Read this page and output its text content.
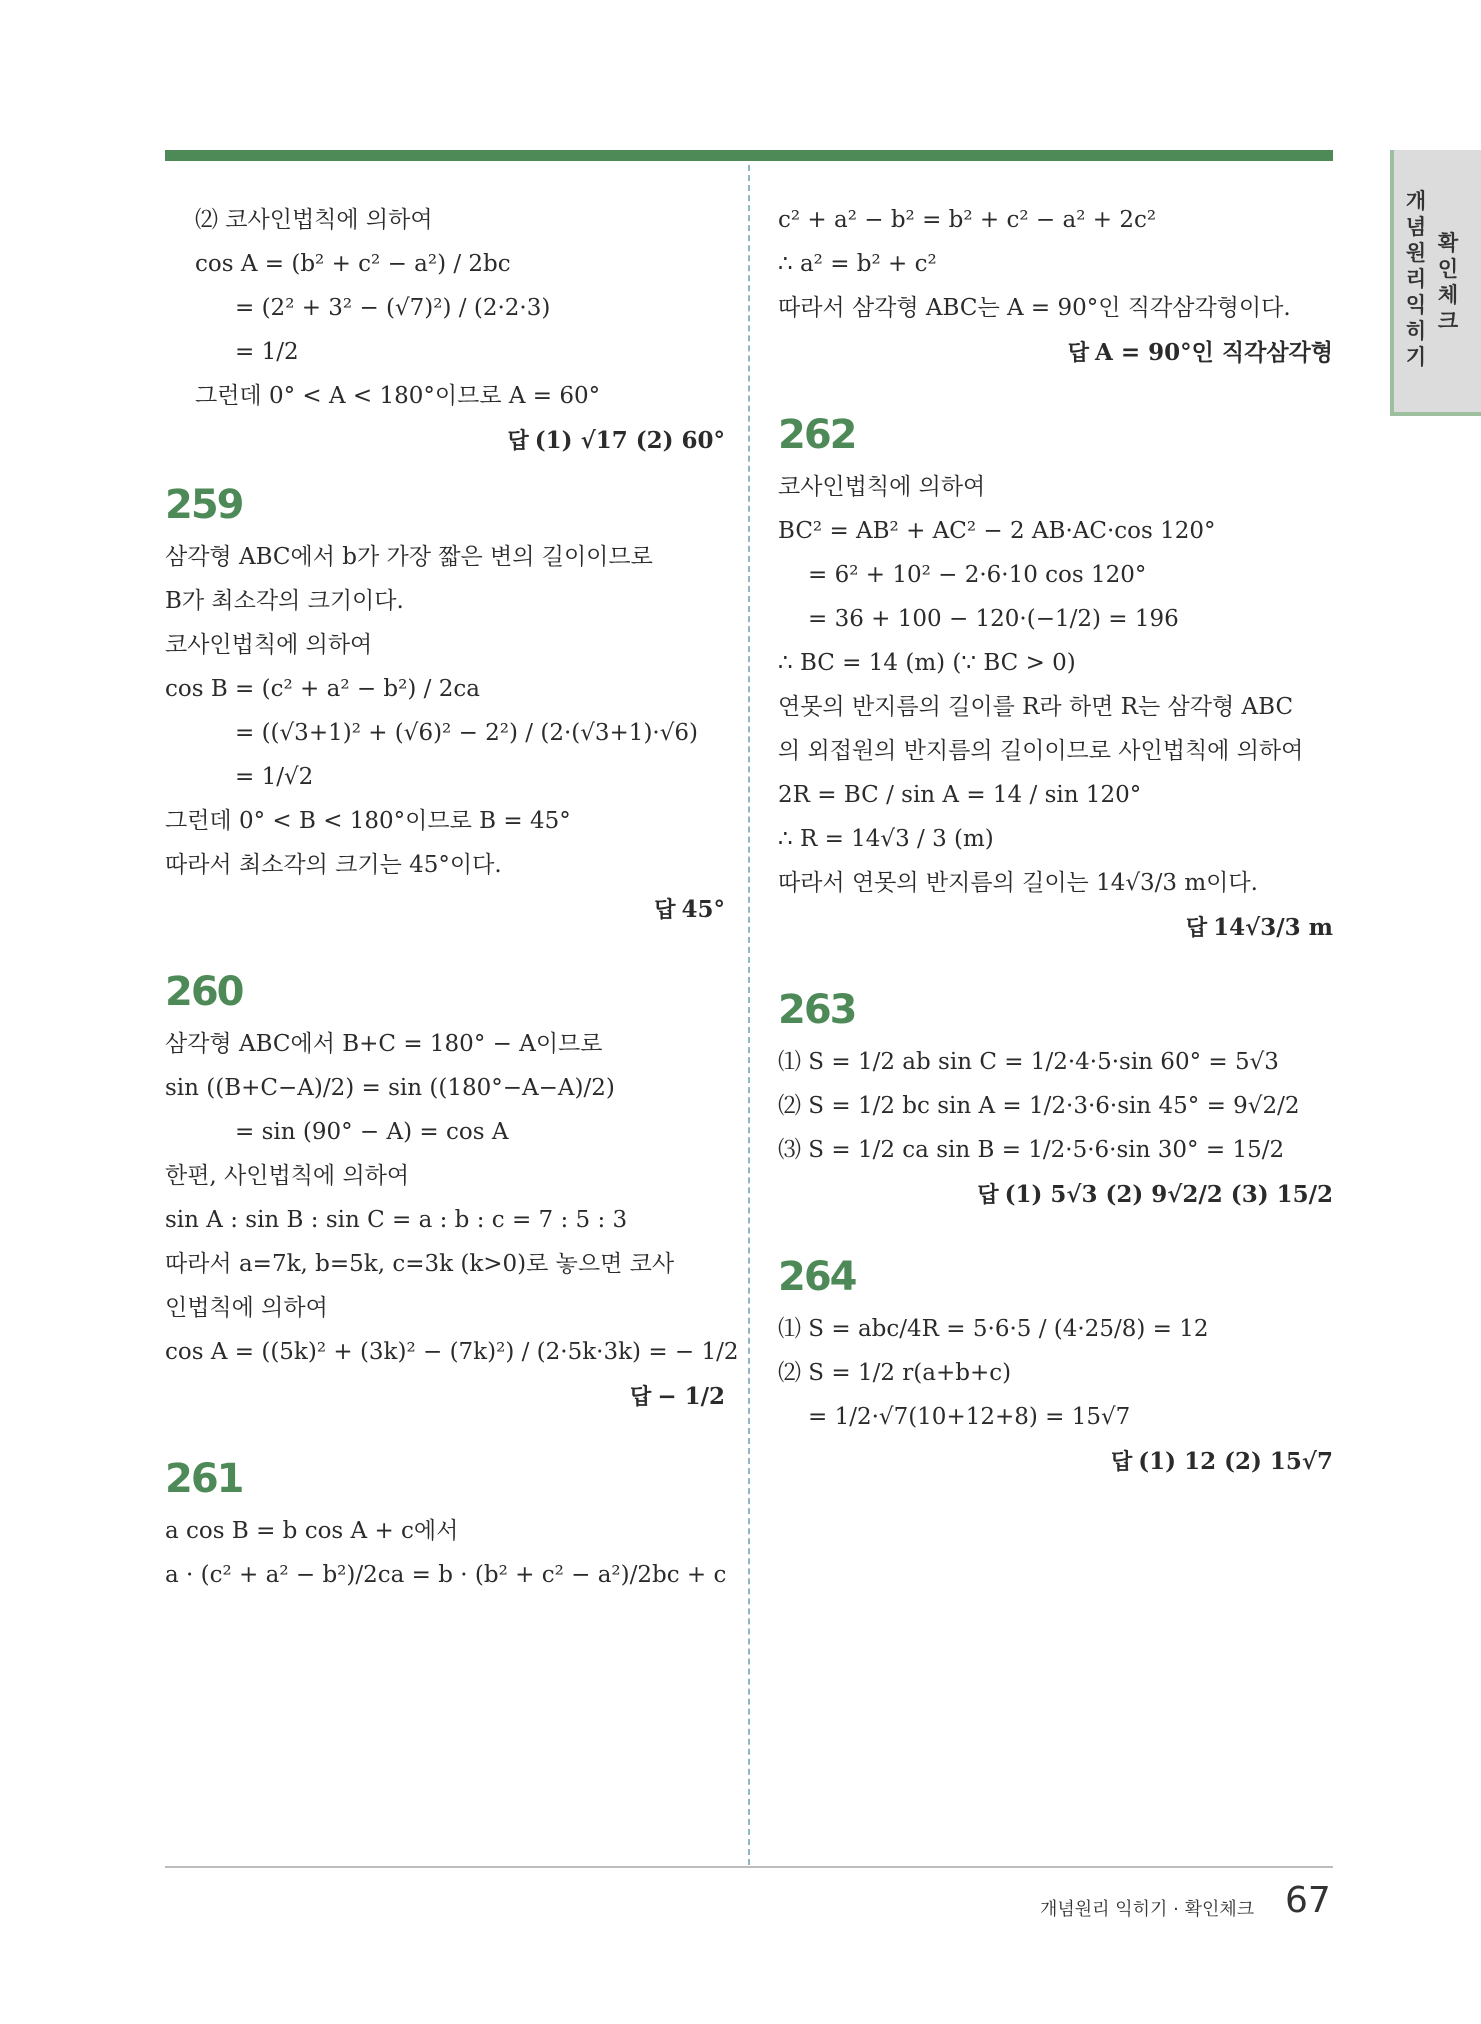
개
념
원
리
익
히
기
확
인
체
크
⑵ 코사인법칙에 의하여
cos A = (b² + c² − a²) / 2bc
= (2² + 3² − (√7)²) / (2·2·3)
= 1/2
그런데 0° < A < 180°이므로 A = 60°
답 (1) √17 (2) 60°
259
삼각형 ABC에서 b가 가장 짧은 변의 길이이므로
B가 최소각의 크기이다.
코사인법칙에 의하여
cos B = (c² + a² − b²) / 2ca
= ((√3+1)² + (√6)² − 2²) / (2·(√3+1)·√6)
= 1/√2
그런데 0° < B < 180°이므로 B = 45°
따라서 최소각의 크기는 45°이다.
답 45°
260
삼각형 ABC에서 B+C = 180° − A이므로
sin ((B+C−A)/2) = sin ((180°−A−A)/2)
= sin (90° − A) = cos A
한편, 사인법칙에 의하여
sin A : sin B : sin C = a : b : c = 7 : 5 : 3
따라서 a=7k, b=5k, c=3k (k>0)로 놓으면 코사
인법칙에 의하여
cos A = ((5k)² + (3k)² − (7k)²) / (2·5k·3k) = − 1/2
답 − 1/2
261
a cos B = b cos A + c에서
a · (c² + a² − b²)/2ca = b · (b² + c² − a²)/2bc + c
c² + a² − b² = b² + c² − a² + 2c²
∴ a² = b² + c²
따라서 삼각형 ABC는 A = 90°인 직각삼각형이다.
답 A = 90°인 직각삼각형
262
코사인법칙에 의하여
BC² = AB² + AC² − 2 AB·AC·cos 120°
= 6² + 10² − 2·6·10 cos 120°
= 36 + 100 − 120·(−1/2) = 196
∴ BC = 14 (m) (∵ BC > 0)
연못의 반지름의 길이를 R라 하면 R는 삼각형 ABC
의 외접원의 반지름의 길이이므로 사인법칙에 의하여
2R = BC / sin A = 14 / sin 120°
∴ R = 14√3 / 3 (m)
따라서 연못의 반지름의 길이는 14√3/3 m이다.
답 14√3/3 m
263
⑴ S = 1/2 ab sin C = 1/2·4·5·sin 60° = 5√3
⑵ S = 1/2 bc sin A = 1/2·3·6·sin 45° = 9√2/2
⑶ S = 1/2 ca sin B = 1/2·5·6·sin 30° = 15/2
답 (1) 5√3 (2) 9√2/2 (3) 15/2
264
⑴ S = abc/4R = 5·6·5 / (4·25/8) = 12
⑵ S = 1/2 r(a+b+c)
= 1/2·√7(10+12+8) = 15√7
답 (1) 12 (2) 15√7
개념원리 익히기 · 확인체크 67
